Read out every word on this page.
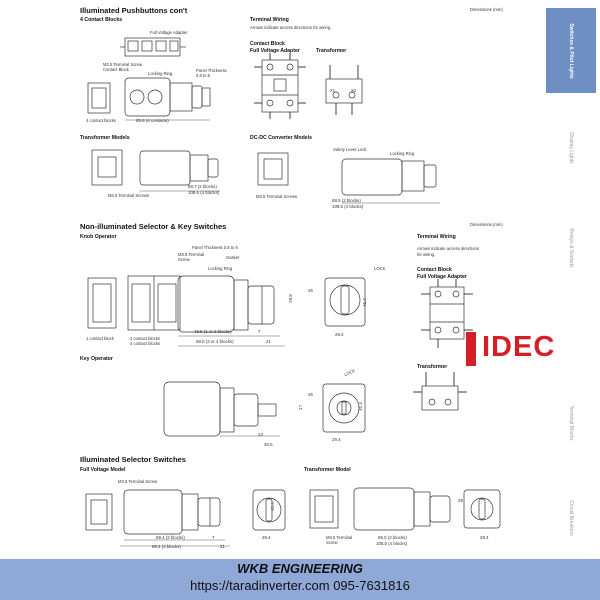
Dimensions (mm)
Illuminated Pushbuttons con't
4 Contact Blocks
Full Voltage Adapter
M3.5 Terminal Screw
Contact Block
Locking Ring
Panel Thickness
0.8 to 6
4 contact blocks	85.8 (4 contacts)
Terminal Wiring
Arrows indicate access directions for wiring.
Contact Block
Full Voltage Adapter	Transformer
X1	X2
Transformer Models
M3.5 Terminal Screws
88.7 (2 blocks)
109.5 (4 blocks)
DC-DC Converter Models
Safety Lever Lock
Locking Ring
M3.5 Terminal Screws
88.5 (2 blocks)
109.5 (4 blocks)
Non-illuminated Selector & Key Switches	Dimensions (mm)
Knob Operator
M3.5 Terminal
Screw
Panel Thickness 0.8 to 6
Gasket
Locking Ring
1 contact block	2 contact blocks
4 contact blocks
48.5 (1 or 2 blocks)
68.5 (3 or 4 blocks)
7
21
29.8
LOCK
25
41.4
29.4
Terminal Wiring
Arrows indicate access directions
for wiring.
Contact Block
Full Voltage Adapter
Transformer
Key Operator
17
13
30.5
LOCK
25
41.4
29.4
Illuminated Selector Switches
Full Voltage Model
M3.5 Terminal Screw
69.4 (2 blocks)
89.4 (4 blocks)
7
21
41.4
29.4
Transformer Model
M3.5 Terminal
Screw
85.5 (2 blocks)
105.5 (4 blocks)
25
29.4
Switches & Pilot Lights
Display Lights
Relays & Sockets
Terminal Blocks
Circuit Breakers
IDEC
WKB ENGINEERING
https://taradinverter.com 095-7631816
